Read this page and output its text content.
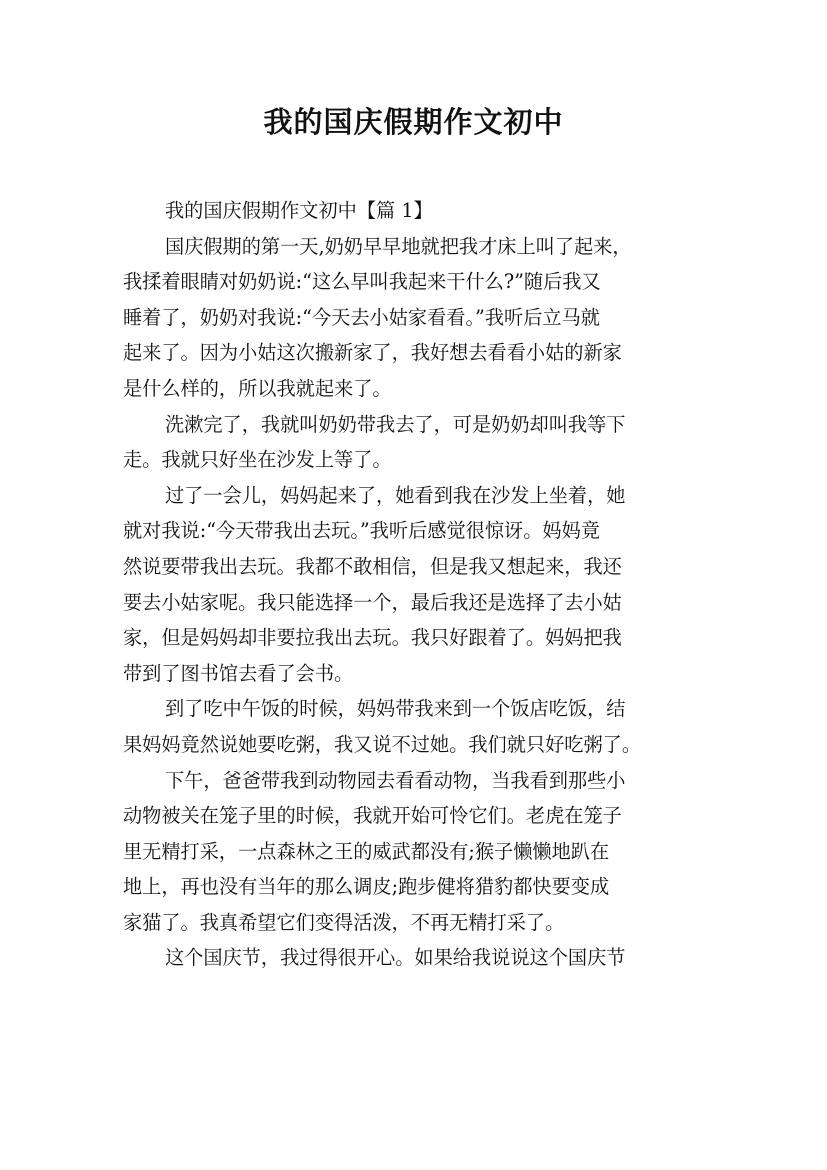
我的国庆假期作文初中
我的国庆假期作文初中【篇 1】
国庆假期的第一天,奶奶早早地就把我才床上叫了起来，
我揉着眼睛对奶奶说:“这么早叫我起来干什么?”随后我又
睡着了，奶奶对我说:“今天去小姑家看看。”我听后立马就
起来了。因为小姑这次搬新家了，我好想去看看小姑的新家
是什么样的，所以我就起来了。
洗漱完了，我就叫奶奶带我去了，可是奶奶却叫我等下
走。我就只好坐在沙发上等了。
过了一会儿，妈妈起来了，她看到我在沙发上坐着，她
就对我说:“今天带我出去玩。”我听后感觉很惊讶。妈妈竟
然说要带我出去玩。我都不敢相信，但是我又想起来，我还
要去小姑家呢。我只能选择一个，最后我还是选择了去小姑
家，但是妈妈却非要拉我出去玩。我只好跟着了。妈妈把我
带到了图书馆去看了会书。
到了吃中午饭的时候，妈妈带我来到一个饭店吃饭，结
果妈妈竟然说她要吃粥，我又说不过她。我们就只好吃粥了。
下午，爸爸带我到动物园去看看动物，当我看到那些小
动物被关在笼子里的时候，我就开始可怜它们。老虎在笼子
里无精打采，一点森林之王的威武都没有;猴子懒懒地趴在
地上，再也没有当年的那么调皮;跑步健将猎豹都快要变成
家猫了。我真希望它们变得活泼，不再无精打采了。
这个国庆节，我过得很开心。如果给我说说这个国庆节
